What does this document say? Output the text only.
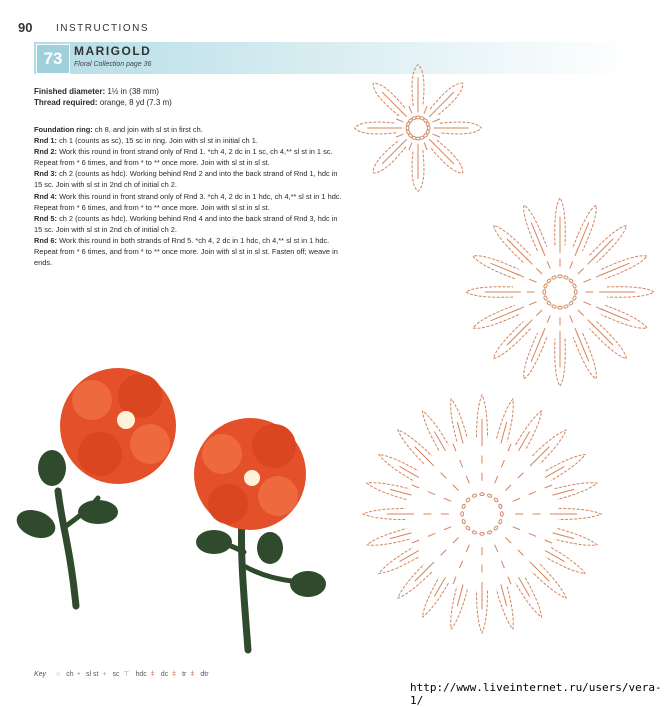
90 INSTRUCTIONS
73 MARIGOLD
Floral Collection page 36
Finished diameter: 1½ in (38 mm)
Thread required: orange, 8 yd (7.3 m)

Foundation ring: ch 8, and join with sl st in first ch.

Rnd 1: ch 1 (counts as sc), 15 sc in ring. Join with sl st in initial ch 1.

Rnd 2: Work this round in front strand only of Rnd 1. *ch 4, 2 dc in 1 sc, ch 4,** sl st in 1 sc. Repeat from * 6 times, and from * to ** once more. Join with sl st in sl st.

Rnd 3: ch 2 (counts as hdc). Working behind Rnd 2 and into the back strand of Rnd 1, hdc in 15 sc. Join with sl st in 2nd ch of initial ch 2.

Rnd 4: Work this round in front strand only of Rnd 3. *ch 4, 2 dc in 1 hdc, ch 4,** sl st in 1 hdc. Repeat from * 6 times, and from * to ** once more. Join with sl st in sl st.

Rnd 5: ch 2 (counts as hdc). Working behind Rnd 4 and into the back strand of Rnd 3, hdc in 15 sc. Join with sl st in 2nd ch of initial ch 2.

Rnd 6: Work this round in both strands of Rnd 5. *ch 4, 2 dc in 1 hdc, ch 4,** sl st in 1 hdc. Repeat from * 6 times, and from * to ** once more. Join with sl st in sl st. Fasten off; weave in ends.

Key ○ ch • sl st + sc ⊤ hdc ǂ dc ǂ tr ǂ dtr
http://www.liveinternet.ru/users/vera-1/
